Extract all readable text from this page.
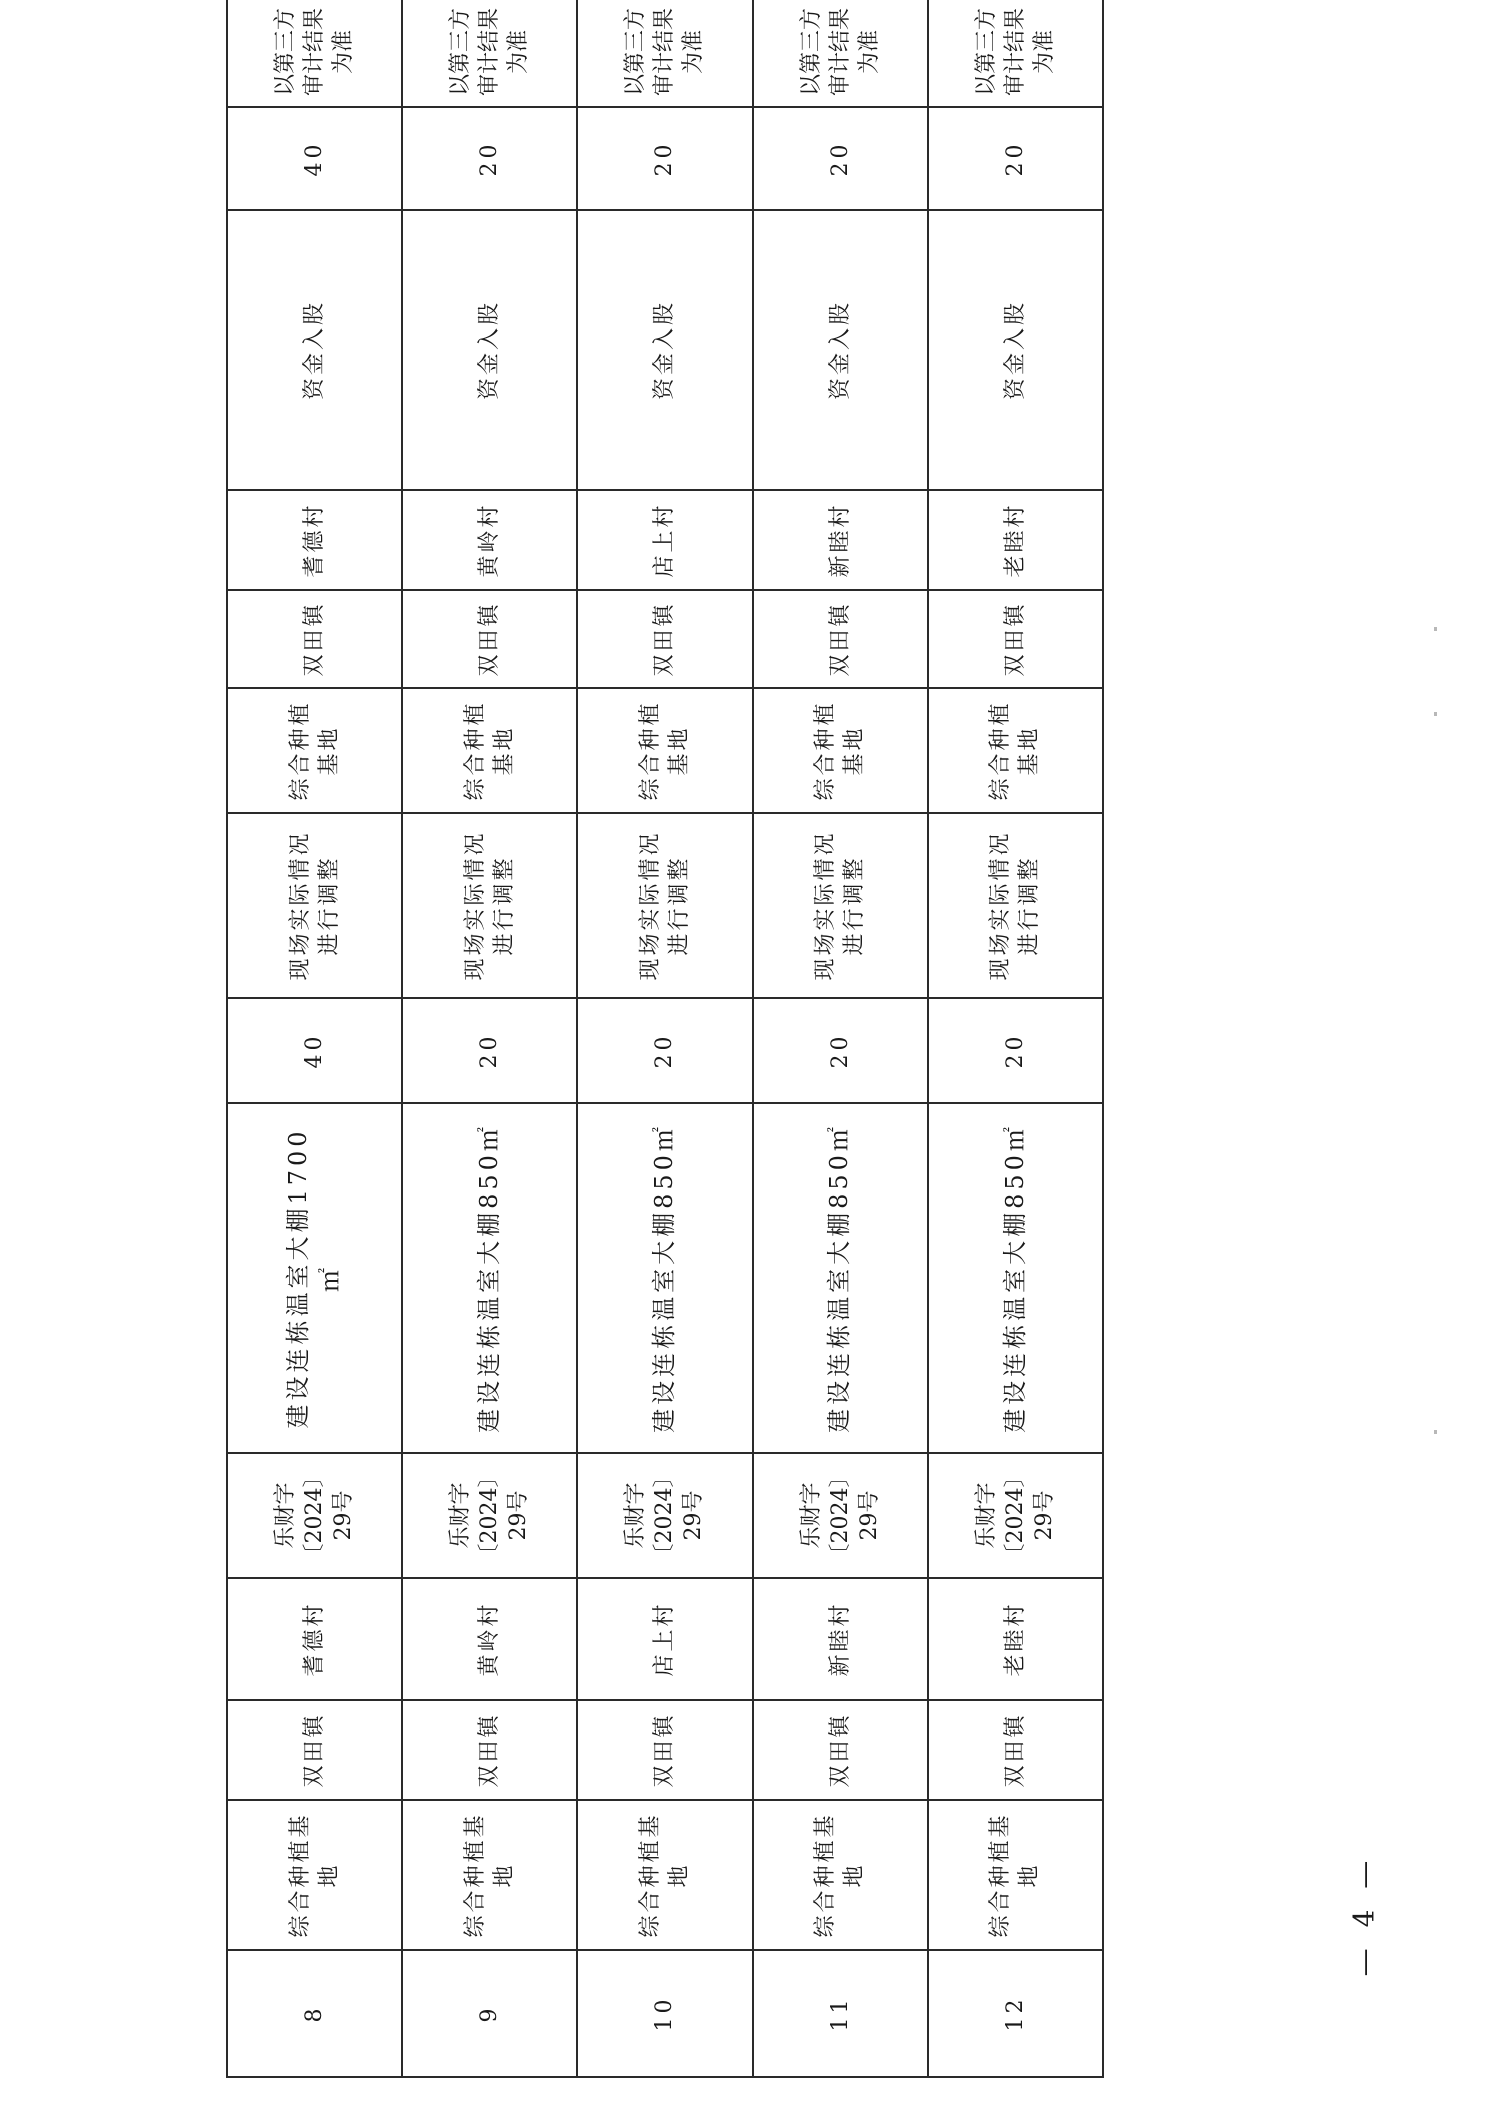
8	综合种植基地	双田镇	耆德村	乐财字〔2024〕29号	建设连栋温室大棚1700㎡	40	现场实际情况进行调整	综合种植基地	双田镇	耆德村	资金入股	40	以第三方审计结果为准
9	综合种植基地	双田镇	黄岭村	乐财字〔2024〕29号	建设连栋温室大棚850㎡	20	现场实际情况进行调整	综合种植基地	双田镇	黄岭村	资金入股	20	以第三方审计结果为准
10	综合种植基地	双田镇	店上村	乐财字〔2024〕29号	建设连栋温室大棚850㎡	20	现场实际情况进行调整	综合种植基地	双田镇	店上村	资金入股	20	以第三方审计结果为准
11	综合种植基地	双田镇	新睦村	乐财字〔2024〕29号	建设连栋温室大棚850㎡	20	现场实际情况进行调整	综合种植基地	双田镇	新睦村	资金入股	20	以第三方审计结果为准
12	综合种植基地	双田镇	老睦村	乐财字〔2024〕29号	建设连栋温室大棚850㎡	20	现场实际情况进行调整	综合种植基地	双田镇	老睦村	资金入股	20	以第三方审计结果为准
— 4 —
